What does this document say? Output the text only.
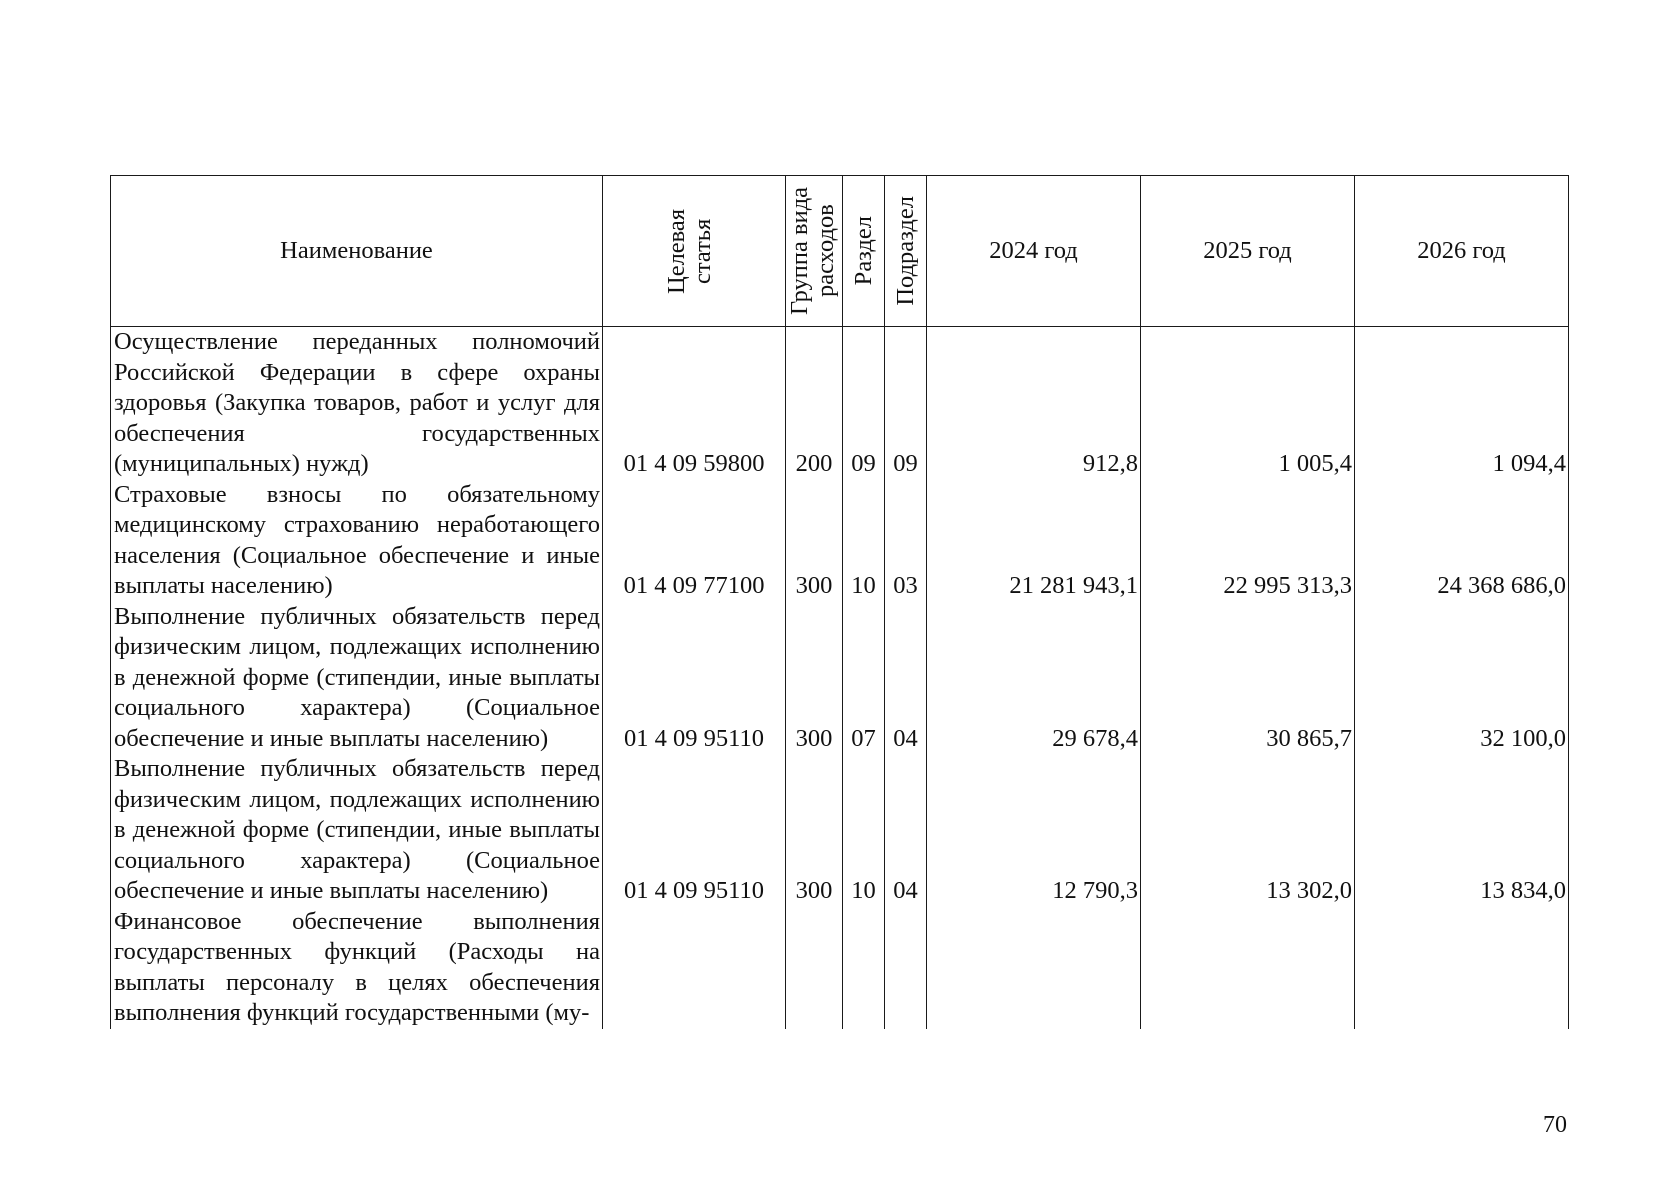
Наименование	Целевая статья	Группа вида расходов	Раздел	Подраздел	2024 год	2025 год	2026 год
Осуществление переданных полномочий Российской Федерации в сфере охраны здоровья (Закупка товаров, работ и услуг для обеспечения государственных (муниципальных) нужд)	01 4 09 59800	200	09	09	912,8	1 005,4	1 094,4
Страховые взносы по обязательному медицинскому страхованию неработающего населения (Социальное обеспечение и иные выплаты населению)	01 4 09 77100	300	10	03	21 281 943,1	22 995 313,3	24 368 686,0
Выполнение публичных обязательств перед физическим лицом, подлежащих исполнению в денежной форме (стипендии, иные выплаты социального характера) (Социальное обеспечение и иные выплаты населению)	01 4 09 95110	300	07	04	29 678,4	30 865,7	32 100,0
Выполнение публичных обязательств перед физическим лицом, подлежащих исполнению в денежной форме (стипендии, иные выплаты социального характера) (Социальное обеспечение и иные выплаты населению)	01 4 09 95110	300	10	04	12 790,3	13 302,0	13 834,0
Финансовое обеспечение выполнения государственных функций (Расходы на выплаты персоналу в целях обеспечения выполнения функций государственными (му-							
70
